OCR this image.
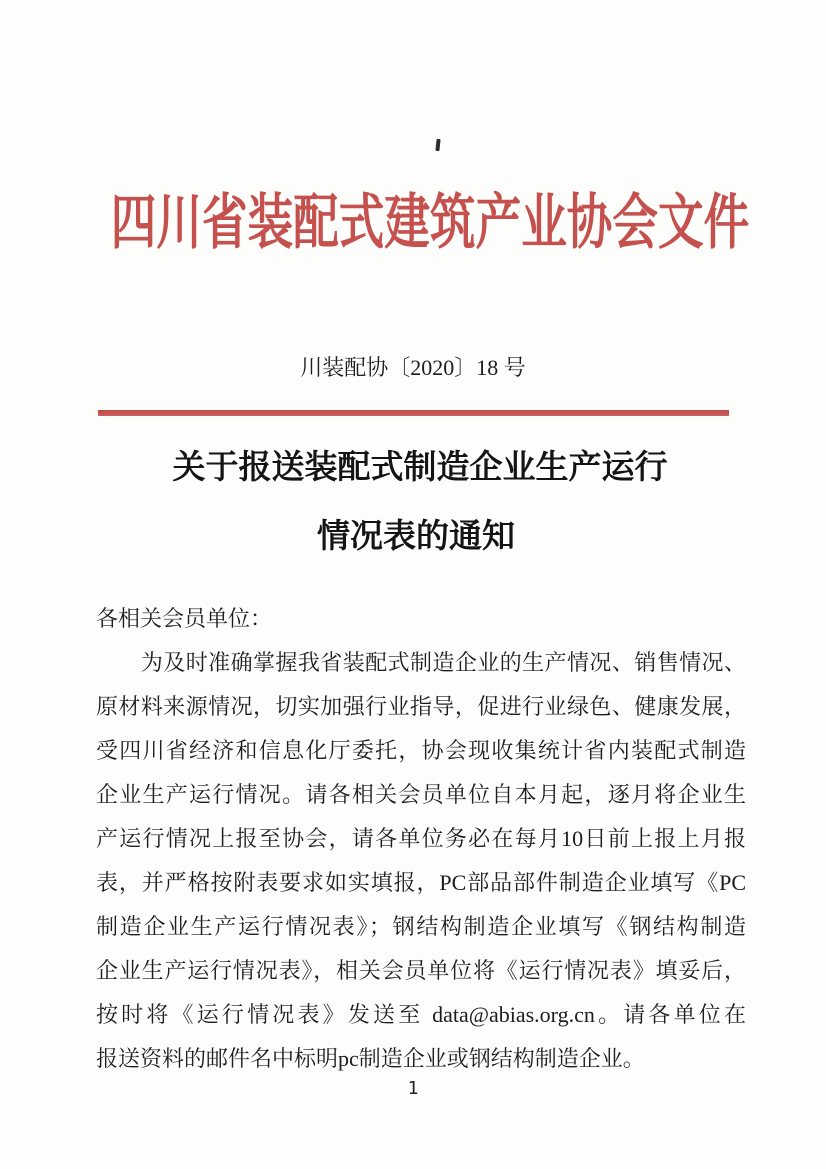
四川省装配式建筑产业协会文件
川装配协〔2020〕18 号
关于报送装配式制造企业生产运行
情况表的通知
各相关会员单位：
　　为及时准确掌握我省装配式制造企业的生产情况、销售情况、
原材料来源情况，切实加强行业指导，促进行业绿色、健康发展，
受四川省经济和信息化厅委托，协会现收集统计省内装配式制造
企业生产运行情况。请各相关会员单位自本月起，逐月将企业生
产运行情况上报至协会，请各单位务必在每月10日前上报上月报
表，并严格按附表要求如实填报，PC部品部件制造企业填写《PC
制造企业生产运行情况表》；钢结构制造企业填写《钢结构制造
企业生产运行情况表》，相关会员单位将《运行情况表》填妥后，
按时将《运行情况表》发送至 data@abias.org.cn。请各单位在
报送资料的邮件名中标明pc制造企业或钢结构制造企业。
1
